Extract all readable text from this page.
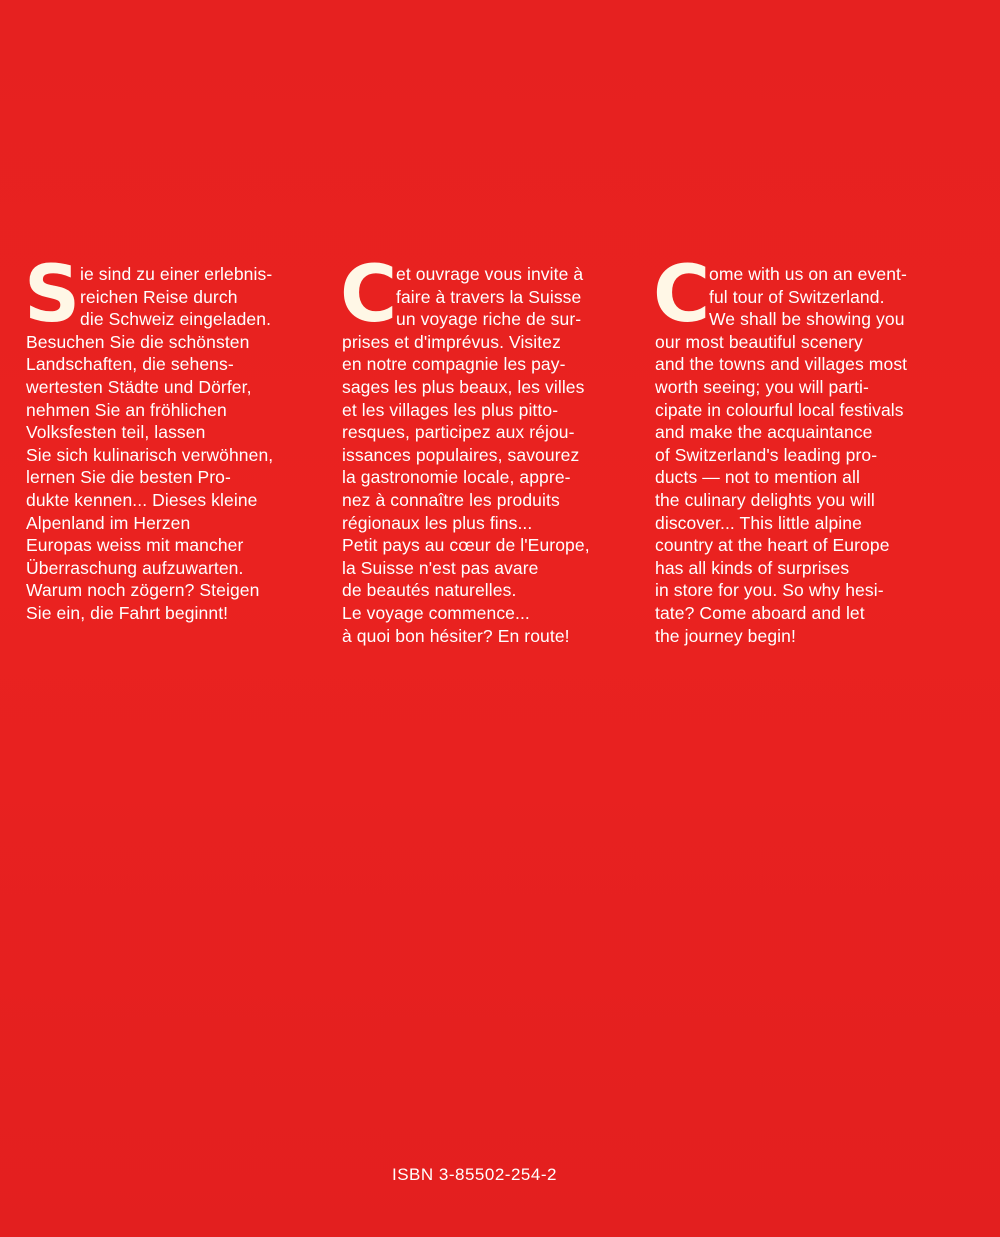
S ie sind zu einer erlebnis-
reichen Reise durch
die Schweiz eingeladen.
Besuchen Sie die schönsten
Landschaften, die sehens-
wertesten Städte und Dörfer,
nehmen Sie an fröhlichen
Volksfesten teil, lassen
Sie sich kulinarisch verwöhnen,
lernen Sie die besten Pro-
dukte kennen... Dieses kleine
Alpenland im Herzen
Europas weiss mit mancher
Überraschung aufzuwarten.
Warum noch zögern? Steigen
Sie ein, die Fahrt beginnt!
C
et ouvrage vous invite à
faire à travers la Suisse
un voyage riche de sur-
prises et d'imprévus. Visitez
en notre compagnie les pay-
sages les plus beaux, les villes
et les villages les plus pitto-
resques, participez aux réjou-
issances populaires, savourez
la gastronomie locale, appre-
nez à connaître les produits
régionaux les plus fins...
Petit pays au cœur de l'Europe,
la Suisse n'est pas avare
de beautés naturelles.
Le voyage commence...
à quoi bon hésiter? En route!
C
ome with us on an event-
ful tour of Switzerland.
We shall be showing you
our most beautiful scenery
and the towns and villages most
worth seeing; you will parti-
cipate in colourful local festivals
and make the acquaintance
of Switzerland's leading pro-
ducts — not to mention all
the culinary delights you will
discover... This little alpine
country at the heart of Europe
has all kinds of surprises
in store for you. So why hesi-
tate? Come aboard and let
the journey begin!
ISBN 3-85502-254-2
